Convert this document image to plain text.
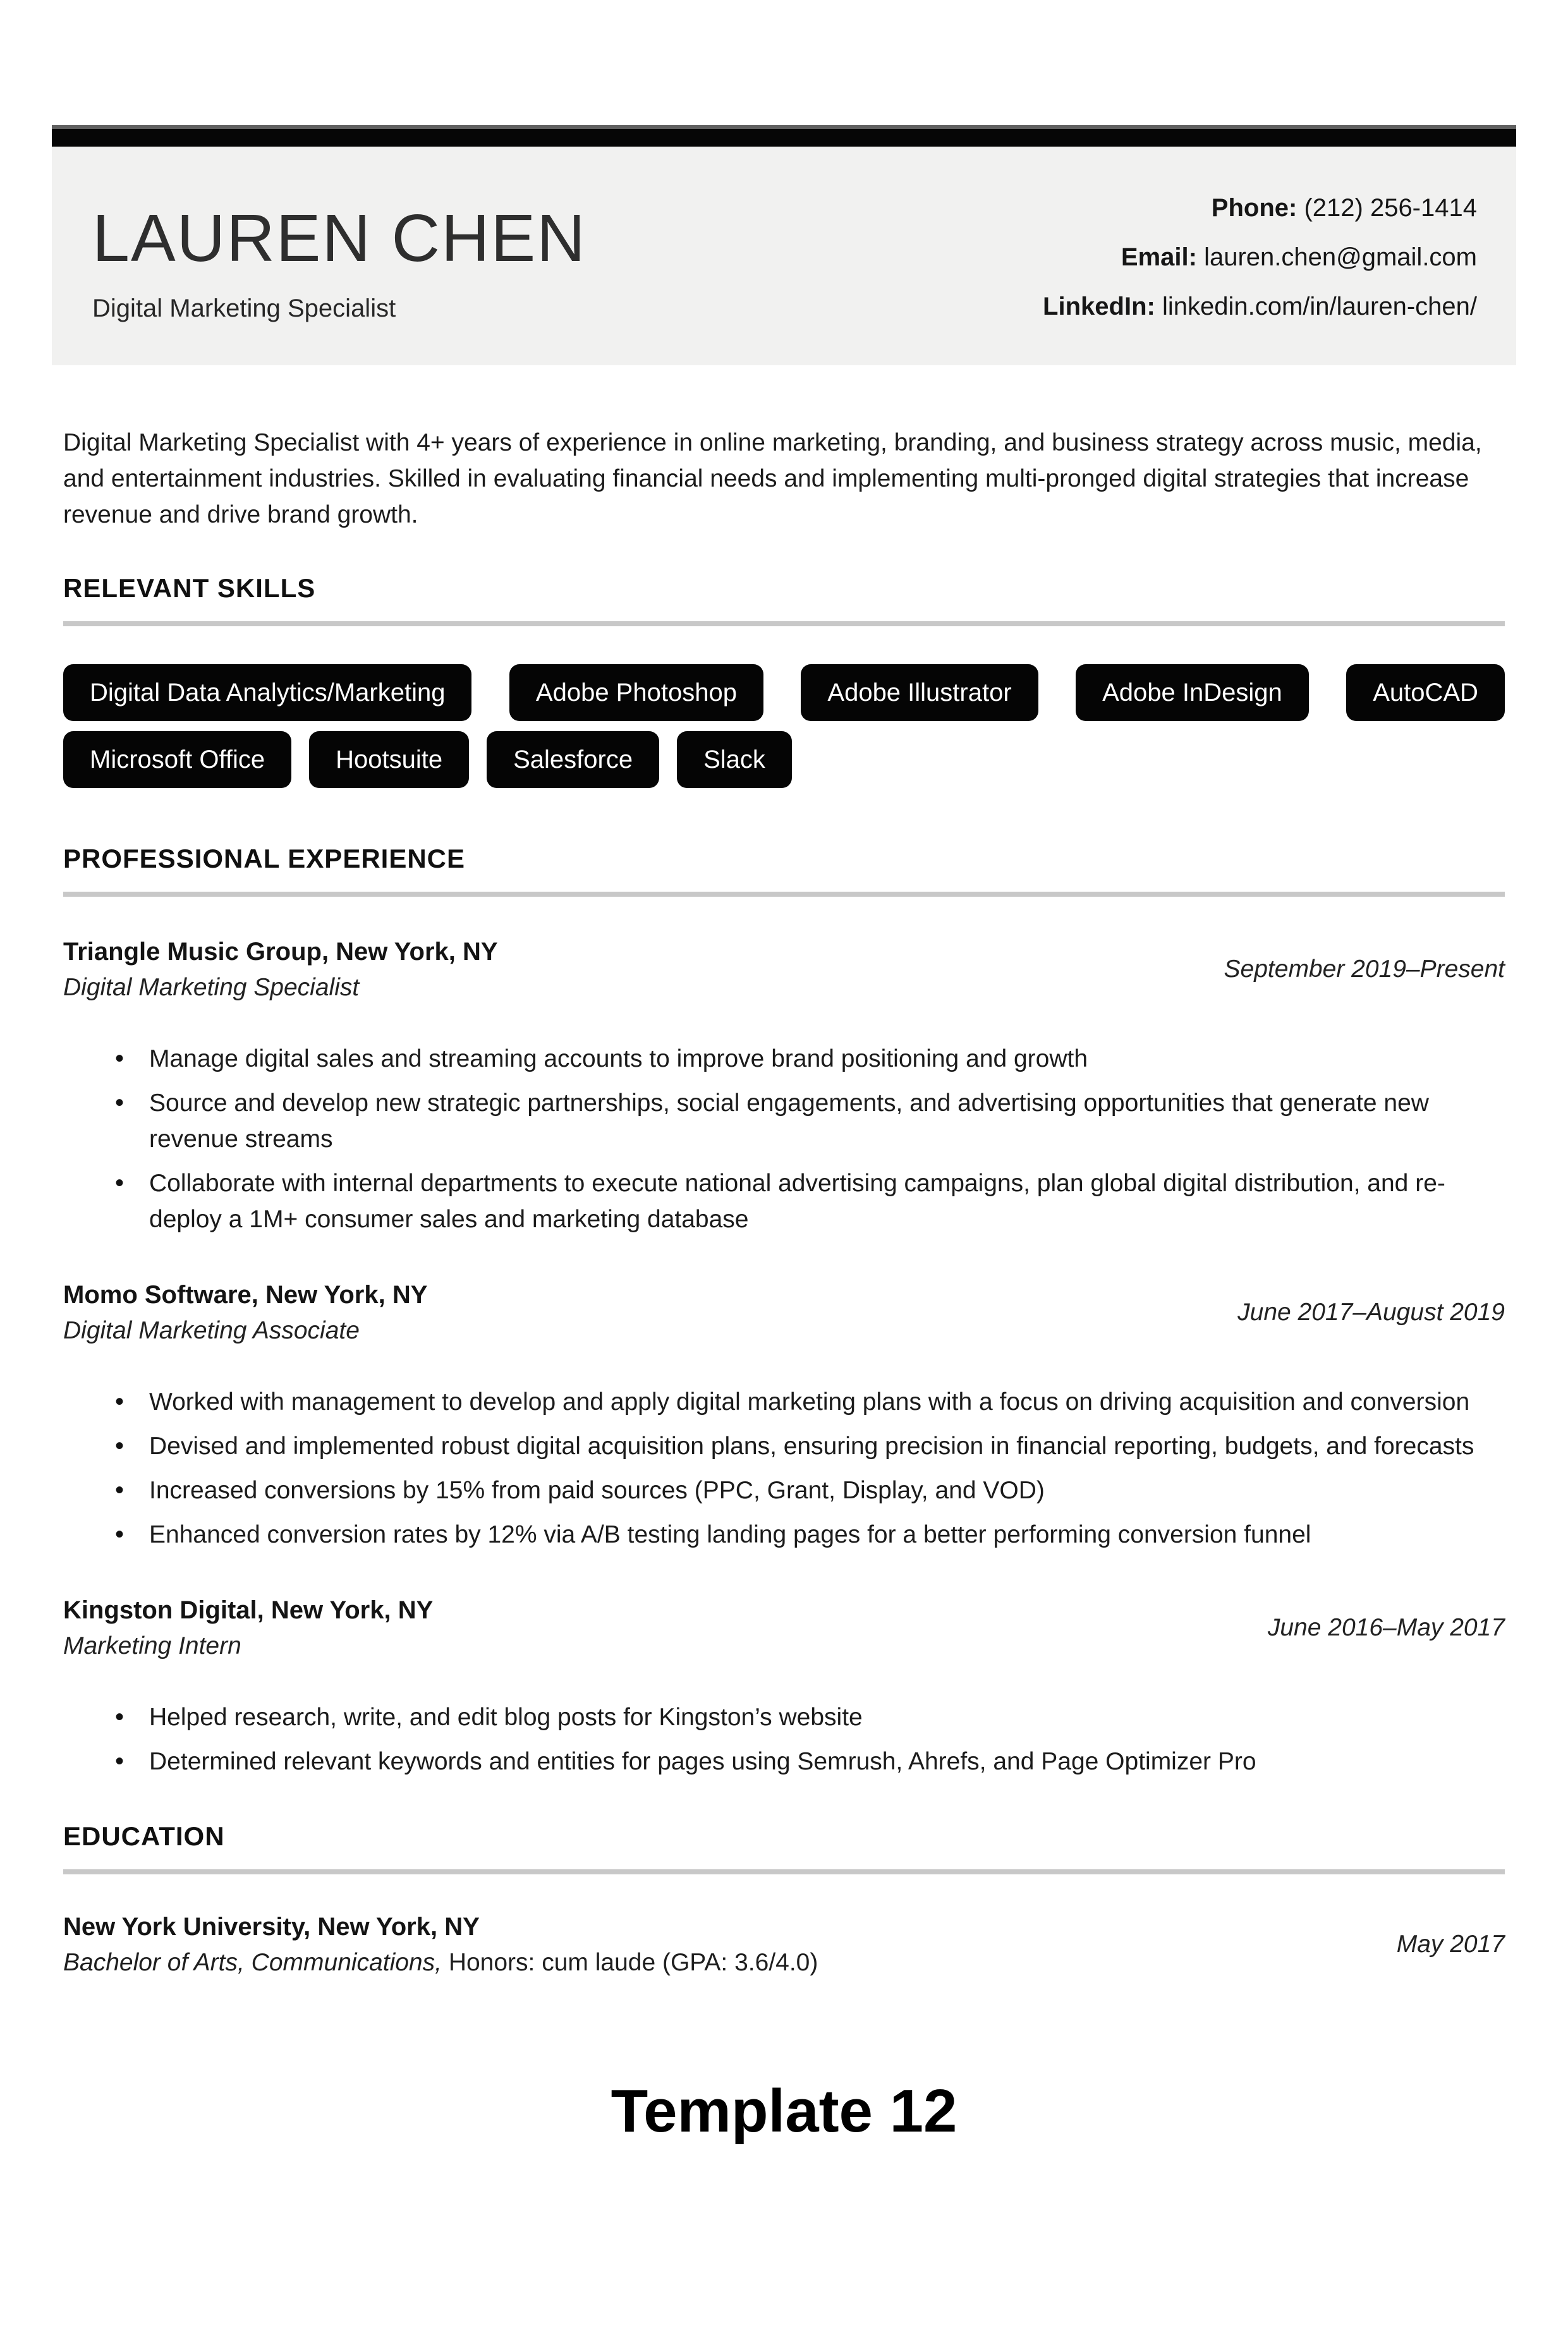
LAUREN CHEN
Digital Marketing Specialist
Phone: (212) 256-1414
Email: lauren.chen@gmail.com
LinkedIn: linkedin.com/in/lauren-chen/

Digital Marketing Specialist with 4+ years of experience in online marketing, branding, and business strategy across music, media, and entertainment industries. Skilled in evaluating financial needs and implementing multi-pronged digital strategies that increase revenue and drive brand growth.

RELEVANT SKILLS
Digital Data Analytics/Marketing	Adobe Photoshop	Adobe Illustrator	Adobe InDesign	AutoCAD
Microsoft Office	Hootsuite	Salesforce	Slack
PROFESSIONAL EXPERIENCE
Triangle Music Group, New York, NY
Digital Marketing Specialist
September 2019–Present
• Manage digital sales and streaming accounts to improve brand positioning and growth
• Source and develop new strategic partnerships, social engagements, and advertising opportunities that generate new revenue streams
• Collaborate with internal departments to execute national advertising campaigns, plan global digital distribution, and re-deploy a 1M+ consumer sales and marketing database
Momo Software, New York, NY
Digital Marketing Associate
June 2017–August 2019
• Worked with management to develop and apply digital marketing plans with a focus on driving acquisition and conversion
• Devised and implemented robust digital acquisition plans, ensuring precision in financial reporting, budgets, and forecasts
• Increased conversions by 15% from paid sources (PPC, Grant, Display, and VOD)
• Enhanced conversion rates by 12% via A/B testing landing pages for a better performing conversion funnel
Kingston Digital, New York, NY
Marketing Intern
June 2016–May 2017
• Helped research, write, and edit blog posts for Kingston’s website
• Determined relevant keywords and entities for pages using Semrush, Ahrefs, and Page Optimizer Pro
EDUCATION
New York University, New York, NY
Bachelor of Arts, Communications, Honors: cum laude (GPA: 3.6/4.0)
May 2017
Template 12
